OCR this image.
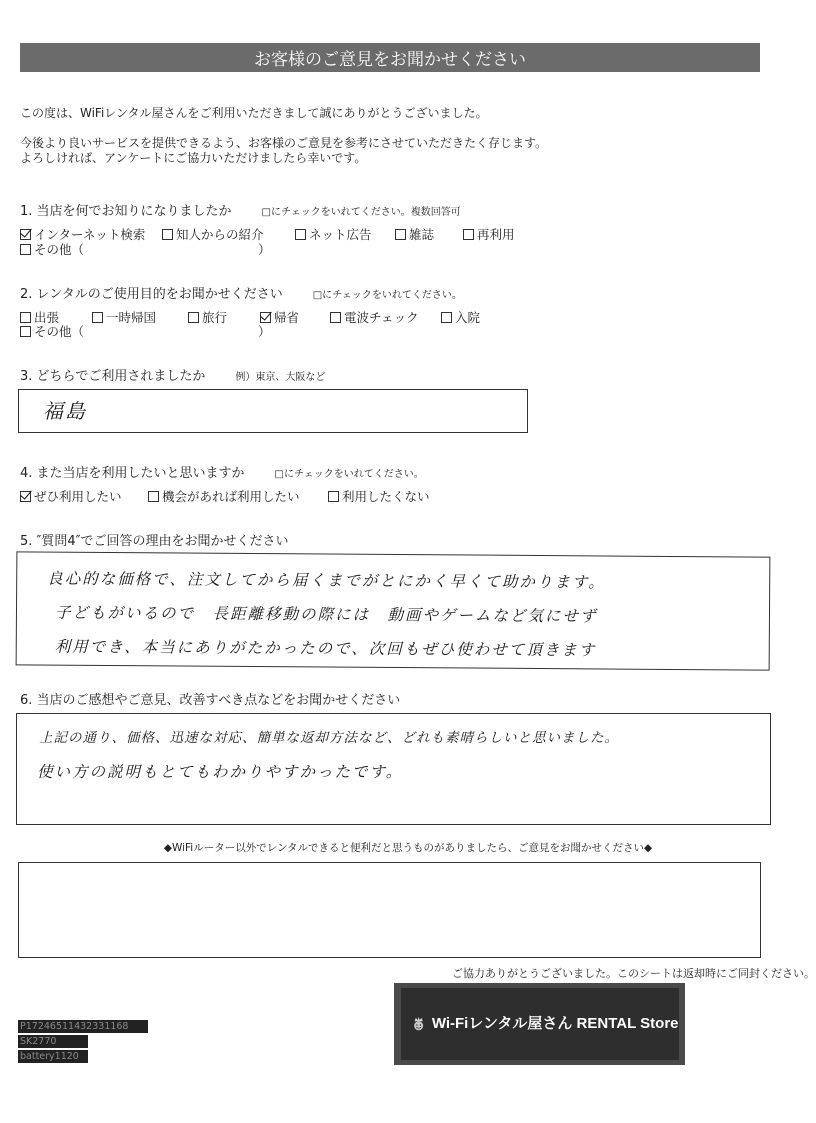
お客様のご意見をお聞かせください
この度は、WiFiレンタル屋さんをご利用いただきまして誠にありがとうございました。
今後より良いサービスを提供できるよう、お客様のご意見を参考にさせていただきたく存じます。
よろしければ、アンケートにご協力いただけましたら幸いです。
1. 当店を何でお知りになりましたか	□にチェックをいれてください。複数回答可
インターネット検索 知人からの紹介	ネット広告	雑誌	再利用
その他（	）
2. レンタルのご使用目的をお聞かせください	□にチェックをいれてください。
出張	一時帰国	旅行	帰省	電波チェック	入院
その他（	）
3. どちらでご利用されましたか	例）東京、大阪など
福島
4. また当店を利用したいと思いますか	□にチェックをいれてください。
ぜひ利用したい	機会があれば利用したい	利用したくない
5. ″質問4″でご回答の理由をお聞かせください
良心的な価格で、注文してから届くまでがとにかく早くて助かります。
子どもがいるので　長距離移動の際には　動画やゲームなど気にせず
利用でき、本当にありがたかったので、次回もぜひ使わせて頂きます
6. 当店のご感想やご意見、改善すべき点などをお聞かせください
上記の通り、価格、迅速な対応、簡単な返却方法など、どれも素晴らしいと思いました。
使い方の説明もとてもわかりやすかったです。
◆WiFiルーター以外でレンタルできると便利だと思うものがありましたら、ご意見をお聞かせください◆
ご協力ありがとうございました。このシートは返却時にご同封ください。
Wi-Fiレンタル屋さん RENTAL Store
P17246511432331168
SK2770
battery1120
